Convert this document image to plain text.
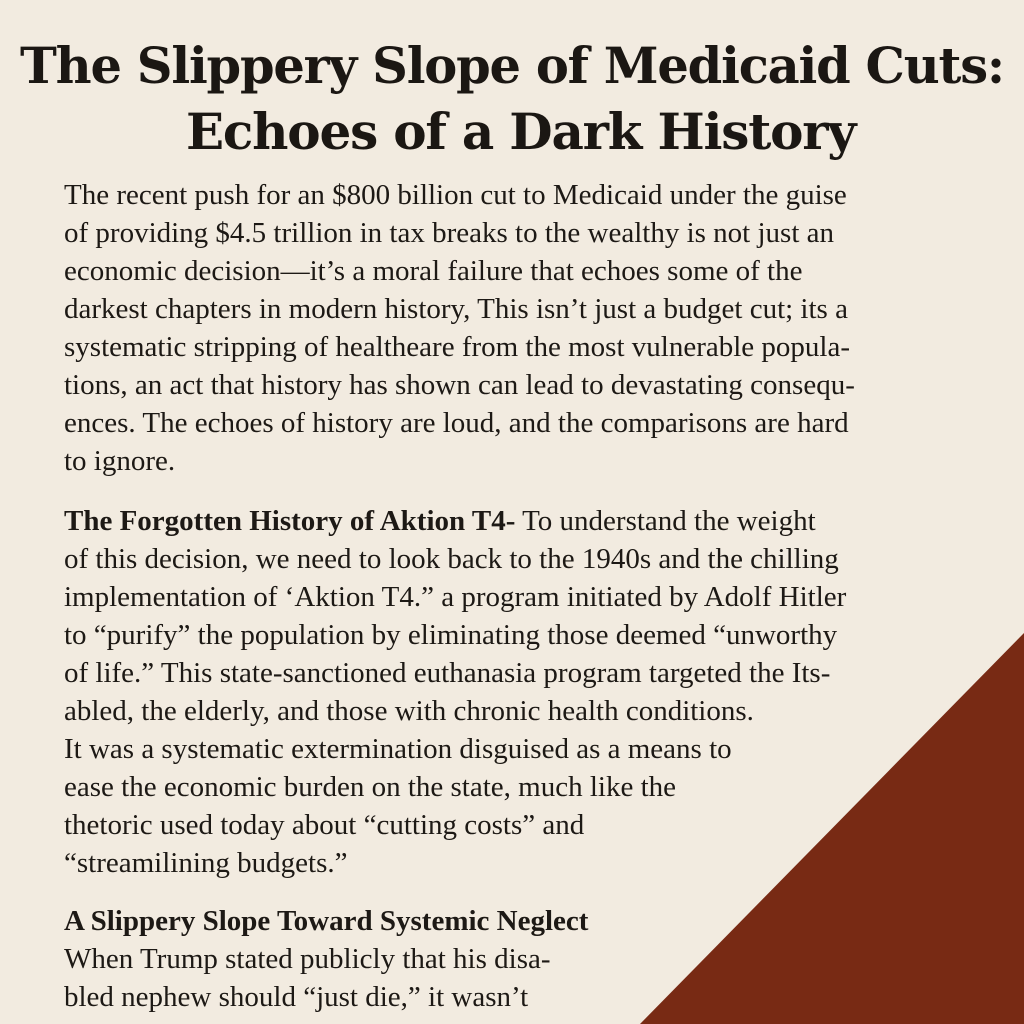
The Slippery Slope of Medicaid Cuts:
Echoes of a Dark History

The recent push for an $800 billion cut to Medicaid under the guise

of providing $4.5 trillion in tax breaks to the wealthy is not just an

economic decision—it’s a moral failure that echoes some of the

darkest chapters in modern history, This isn’t just a budget cut; its a

systematic stripping of healtheare from the most vulnerable popula-

tions, an act that history has shown can lead to devastating consequ-

ences. The echoes of history are loud, and the comparisons are hard

to ignore.

The Forgotten History of Aktion T4- To understand the weight

of this decision, we need to look back to the 1940s and the chilling

implementation of ‘Aktion T4.” a program initiated by Adolf Hitler

to “purify” the population by eliminating those deemed “unworthy

of life.” This state-sanctioned euthanasia program targeted the Its-

abled, the elderly, and those with chronic health conditions.

It was a systematic extermination disguised as a means to

ease the economic burden on the state, much like the

thetoric used today about “cutting costs” and

“streamilining budgets.”

A Slippery Slope Toward Systemic Neglect

When Trump stated publicly that his disa-

bled nephew should “just die,” it wasn’t
